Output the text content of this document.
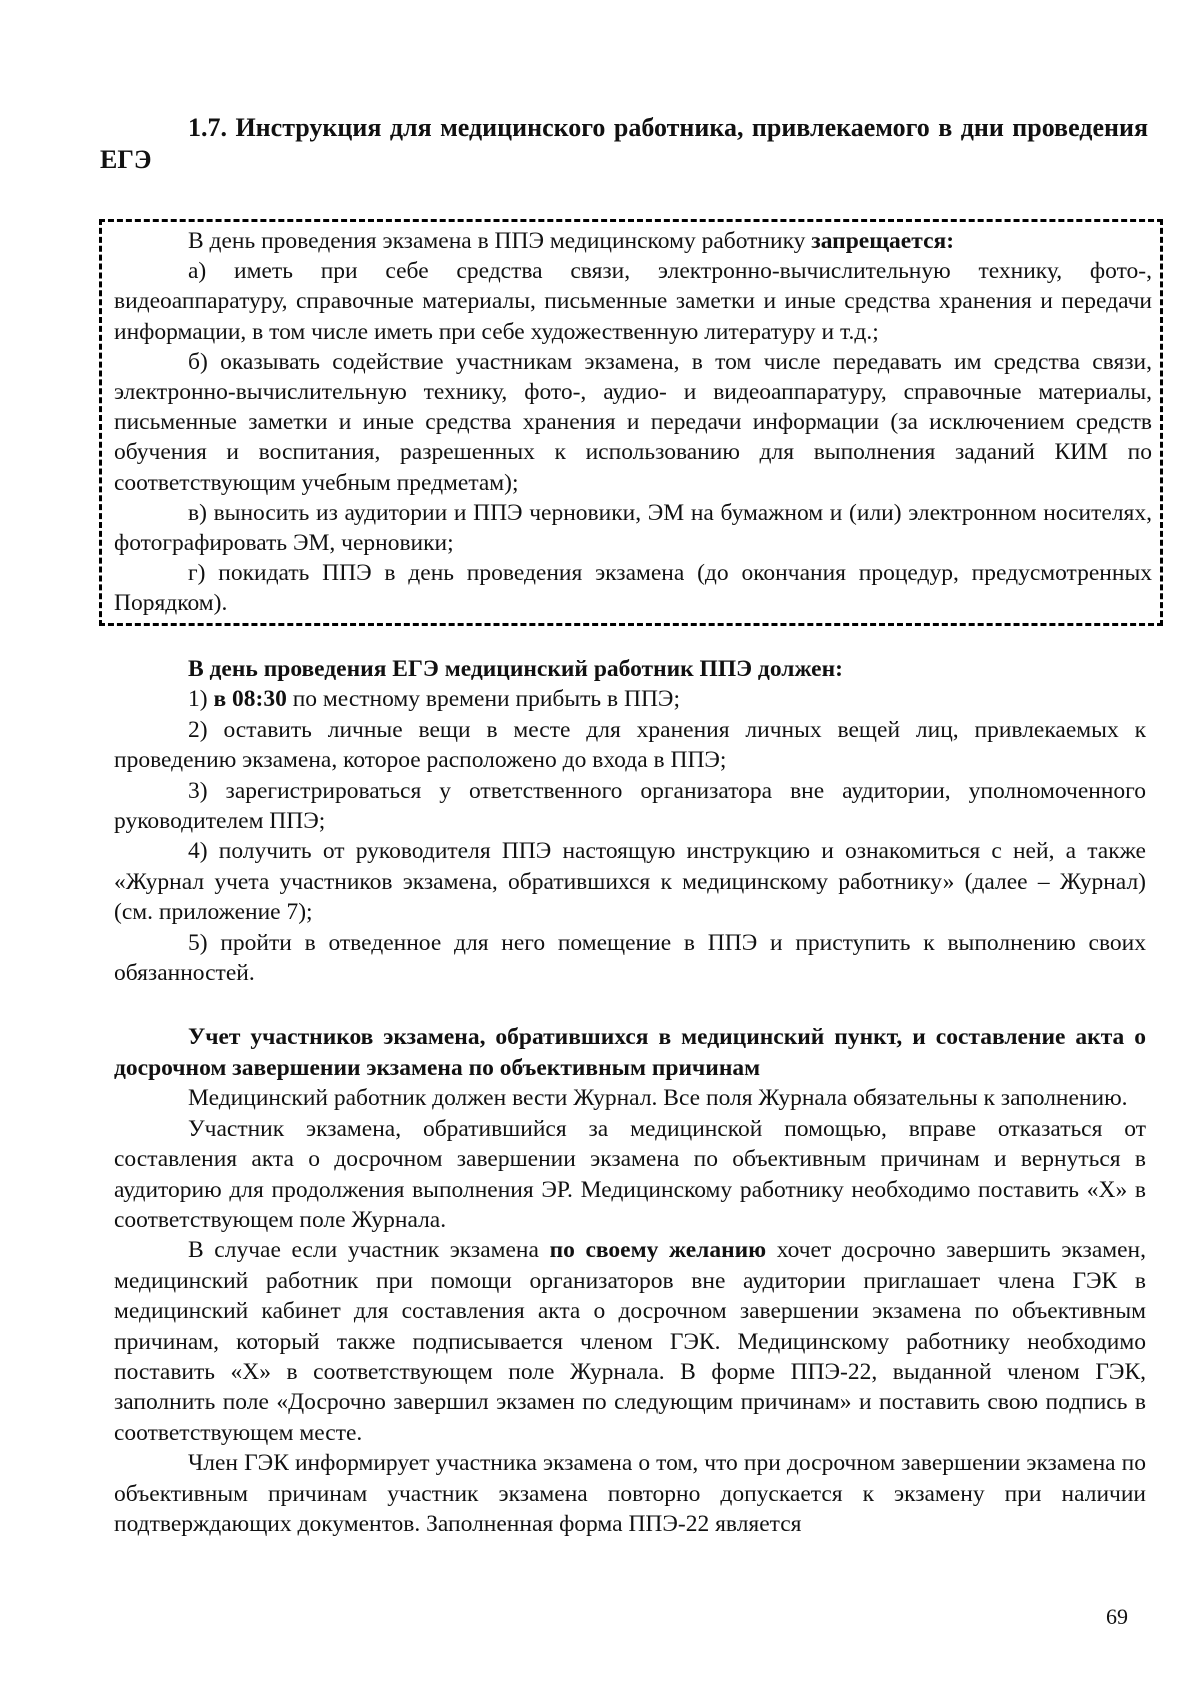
1.7. Инструкция для медицинского работника, привлекаемого в дни проведения ЕГЭ

В день проведения экзамена в ППЭ медицинскому работнику запрещается:

а) иметь при себе средства связи, электронно-вычислительную технику, фото-, видеоаппаратуру, справочные материалы, письменные заметки и иные средства хранения и передачи информации, в том числе иметь при себе художественную литературу и т.д.;

б) оказывать содействие участникам экзамена, в том числе передавать им средства связи, электронно-вычислительную технику, фото-, аудио- и видеоаппаратуру, справочные материалы, письменные заметки и иные средства хранения и передачи информации (за исключением средств обучения и воспитания, разрешенных к использованию для выполнения заданий КИМ по соответствующим учебным предметам);

в) выносить из аудитории и ППЭ черновики, ЭМ на бумажном и (или) электронном носителях, фотографировать ЭМ, черновики;

г) покидать ППЭ в день проведения экзамена (до окончания процедур, предусмотренных Порядком).

В день проведения ЕГЭ медицинский работник ППЭ должен:

1) в 08:30 по местному времени прибыть в ППЭ;

2) оставить личные вещи в месте для хранения личных вещей лиц, привлекаемых к проведению экзамена, которое расположено до входа в ППЭ;

3) зарегистрироваться у ответственного организатора вне аудитории, уполномоченного руководителем ППЭ;

4) получить от руководителя ППЭ настоящую инструкцию и ознакомиться с ней, а также «Журнал учета участников экзамена, обратившихся к медицинскому работнику» (далее – Журнал) (см. приложение 7);

5) пройти в отведенное для него помещение в ППЭ и приступить к выполнению своих обязанностей.

Учет участников экзамена, обратившихся в медицинский пункт, и составление акта о досрочном завершении экзамена по объективным причинам

Медицинский работник должен вести Журнал. Все поля Журнала обязательны к заполнению.

Участник экзамена, обратившийся за медицинской помощью, вправе отказаться от составления акта о досрочном завершении экзамена по объективным причинам и вернуться в аудиторию для продолжения выполнения ЭР. Медицинскому работнику необходимо поставить «Х» в соответствующем поле Журнала.

В случае если участник экзамена по своему желанию хочет досрочно завершить экзамен, медицинский работник при помощи организаторов вне аудитории приглашает члена ГЭК в медицинский кабинет для составления акта о досрочном завершении экзамена по объективным причинам, который также подписывается членом ГЭК. Медицинскому работнику необходимо поставить «Х» в соответствующем поле Журнала. В форме ППЭ-22, выданной членом ГЭК, заполнить поле «Досрочно завершил экзамен по следующим причинам» и поставить свою подпись в соответствующем месте.

Член ГЭК информирует участника экзамена о том, что при досрочном завершении экзамена по объективным причинам участник экзамена повторно допускается к экзамену при наличии подтверждающих документов. Заполненная форма ППЭ-22 является

69
